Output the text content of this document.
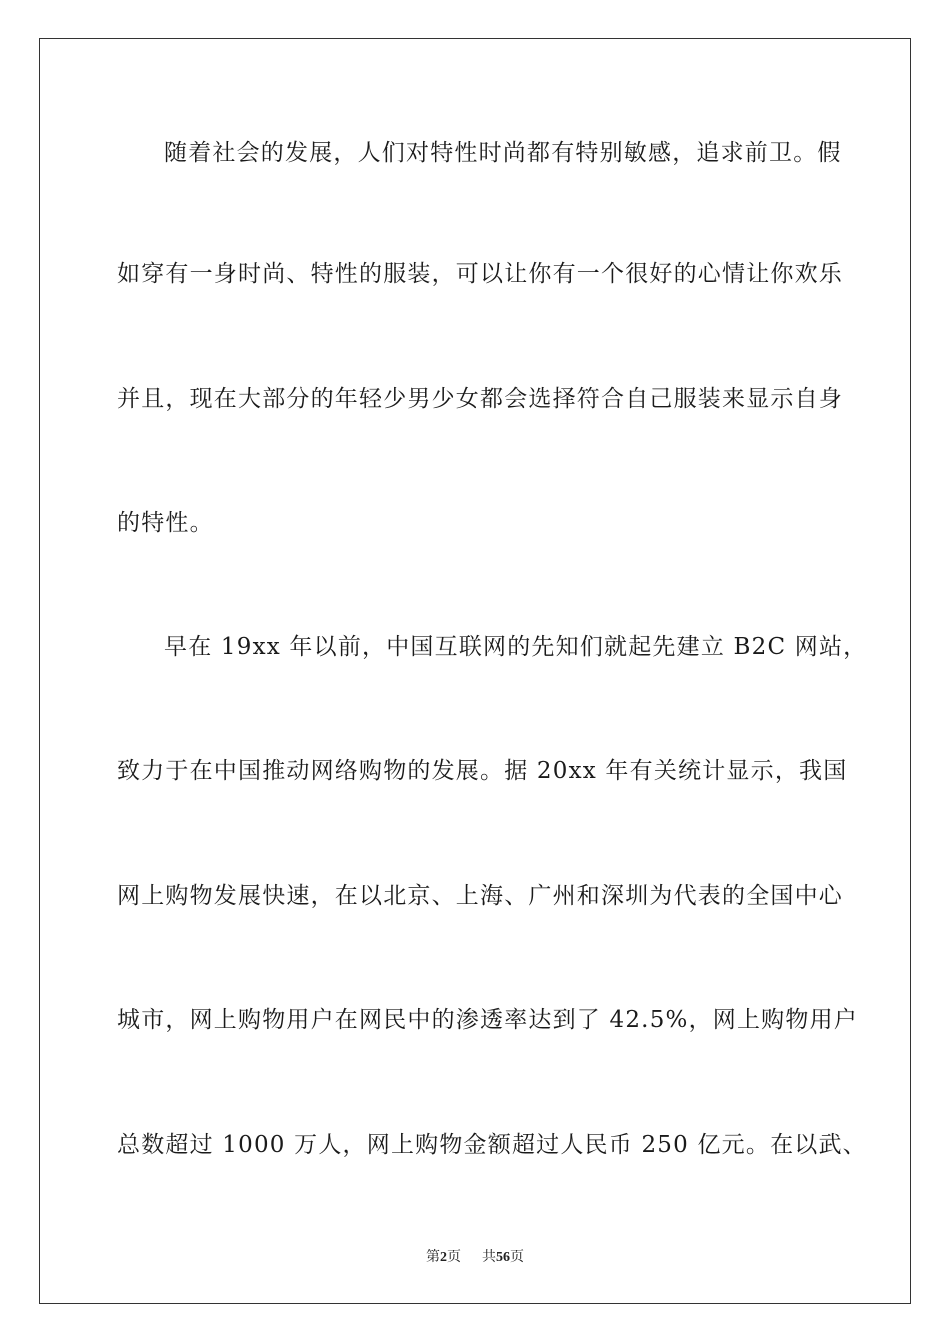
随着社会的发展，人们对特性时尚都有特别敏感，追求前卫。假
如穿有一身时尚、特性的服装，可以让你有一个很好的心情让你欢乐
并且，现在大部分的年轻少男少女都会选择符合自己服装来显示自身
的特性。
早在 19xx 年以前，中国互联网的先知们就起先建立 B2C 网站，
致力于在中国推动网络购物的发展。据 20xx 年有关统计显示，我国
网上购物发展快速，在以北京、上海、广州和深圳为代表的全国中心
城市，网上购物用户在网民中的渗透率达到了 42.5%，网上购物用户
总数超过 1000 万人，网上购物金额超过人民币 250 亿元。在以武、
第2页 共56页
